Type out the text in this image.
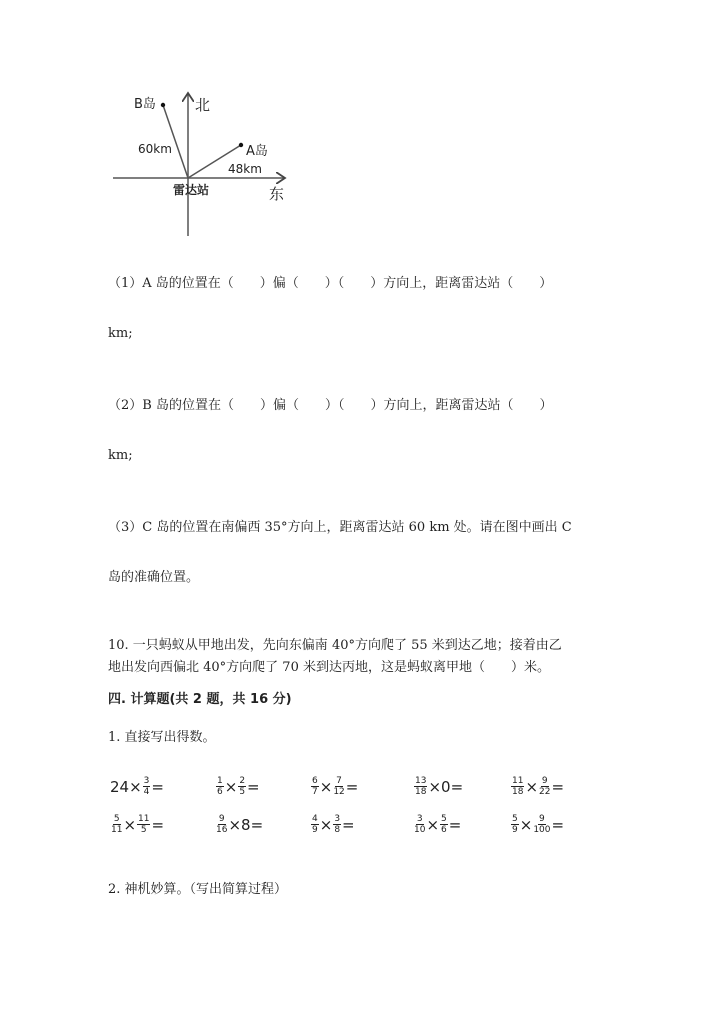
B岛	北
60km	A岛
48km
雷达站	东
（1）A 岛的位置在（　　）偏（　　）（　　）方向上，距离雷达站（　　）
km;
（2）B 岛的位置在（　　）偏（　　）（　　）方向上，距离雷达站（　　）
km;
（3）C 岛的位置在南偏西 35°方向上，距离雷达站 60 km 处。请在图中画出 C
岛的准确位置。
10. 一只蚂蚁从甲地出发，先向东偏南 40°方向爬了 55 米到达乙地；接着由乙
地出发向西偏北 40°方向爬了 70 米到达丙地，这是蚂蚁离甲地（　　）米。
四. 计算题(共 2 题，共 16 分)
1. 直接写出得数。
$24\times \frac{3}{4}$ =	$\frac{1}{6} \times \frac{2}{5}$ =	$\frac{6}{7} \times \frac{7}{12}$ =	$\frac{13}{18} \times 0=$	$\frac{11}{18} \times \frac{9}{22}$ =
$\frac{5}{11} \times \frac{11}{5}$ =	$\frac{9}{16} \times 8=$	$\frac{4}{9} \times \frac{3}{8}$ =	$\frac{3}{10} \times \frac{5}{6}$ =	$\frac{5}{9} \times \frac{9}{100}$ =
2. 神机妙算。（写出简算过程）
